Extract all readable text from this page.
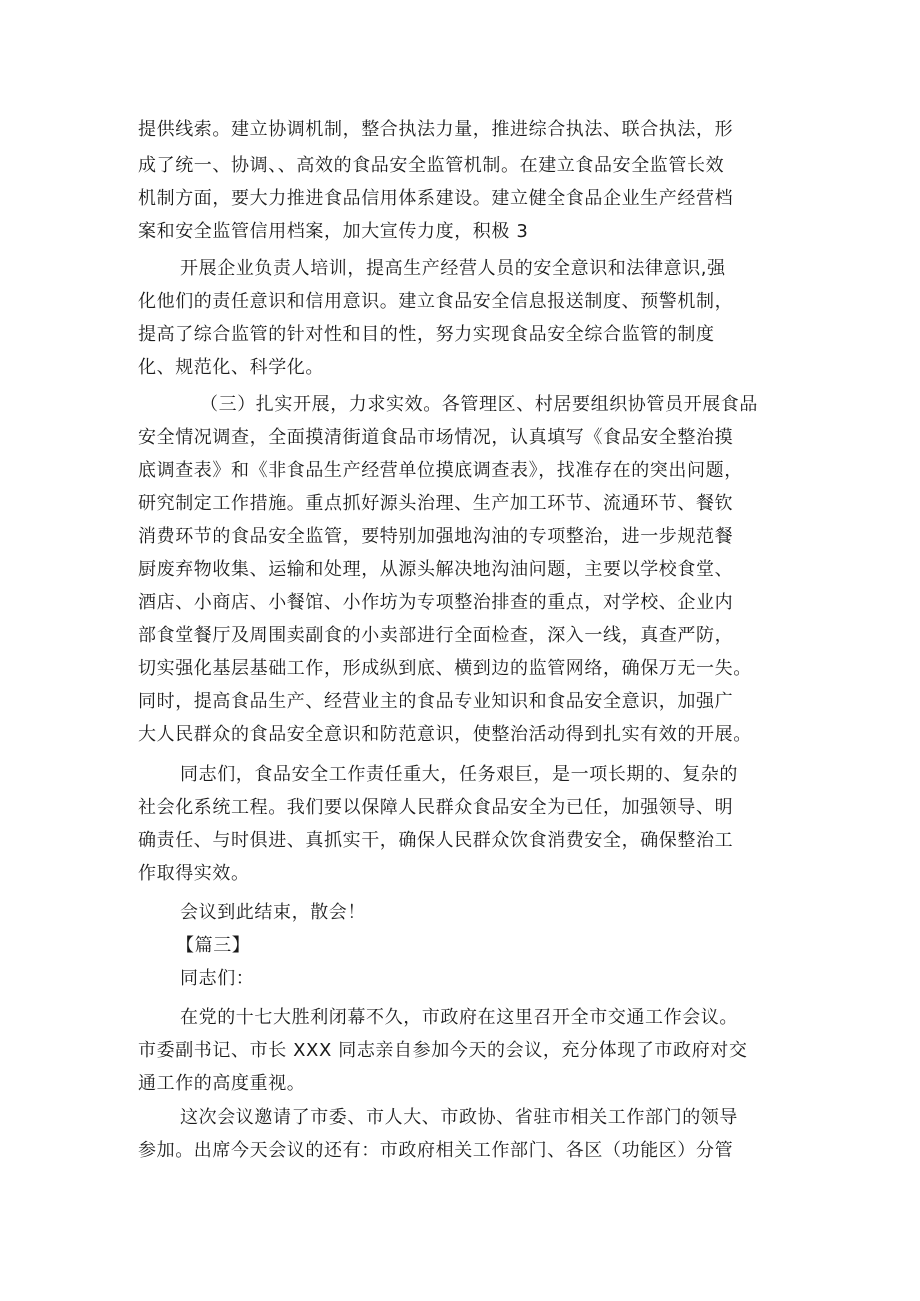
提供线索。建立协调机制，整合执法力量，推进综合执法、联合执法，形

成了统一、协调、、高效的食品安全监管机制。在建立食品安全监管长效

机制方面，要大力推进食品信用体系建设。建立健全食品企业生产经营档

案和安全监管信用档案，加大宣传力度，积极 3

开展企业负责人培训，提高生产经营人员的安全意识和法律意识,强

化他们的责任意识和信用意识。建立食品安全信息报送制度、预警机制，

提高了综合监管的针对性和目的性，努力实现食品安全综合监管的制度

化、规范化、科学化。

（三）扎实开展，力求实效。各管理区、村居要组织协管员开展食品

安全情况调查，全面摸清街道食品市场情况，认真填写《食品安全整治摸

底调查表》和《非食品生产经营单位摸底调查表》，找准存在的突出问题，

研究制定工作措施。重点抓好源头治理、生产加工环节、流通环节、餐钦

消费环节的食品安全监管，要特别加强地沟油的专项整治，进一步规范餐

厨废弃物收集、运输和处理，从源头解决地沟油问题，主要以学校食堂、

酒店、小商店、小餐馆、小作坊为专项整治排查的重点，对学校、企业内

部食堂餐厅及周围卖副食的小卖部进行全面检查，深入一线，真查严防，

切实强化基层基础工作，形成纵到底、横到边的监管网络，确保万无一失。

同时，提高食品生产、经营业主的食品专业知识和食品安全意识，加强广

大人民群众的食品安全意识和防范意识，使整治活动得到扎实有效的开展。

同志们，食品安全工作责任重大，任务艰巨，是一项长期的、复杂的

社会化系统工程。我们要以保障人民群众食品安全为已任，加强领导、明

确责任、与时俱进、真抓实干，确保人民群众饮食消费安全，确保整治工

作取得实效。

会议到此结束，散会！

【篇三】

同志们：

在党的十七大胜利闭幕不久，市政府在这里召开全市交通工作会议。

市委副书记、市长 XXX 同志亲自参加今天的会议，充分体现了市政府对交

通工作的高度重视。

这次会议邀请了市委、市人大、市政协、省驻市相关工作部门的领导

参加。出席今天会议的还有：市政府相关工作部门、各区（功能区）分管
